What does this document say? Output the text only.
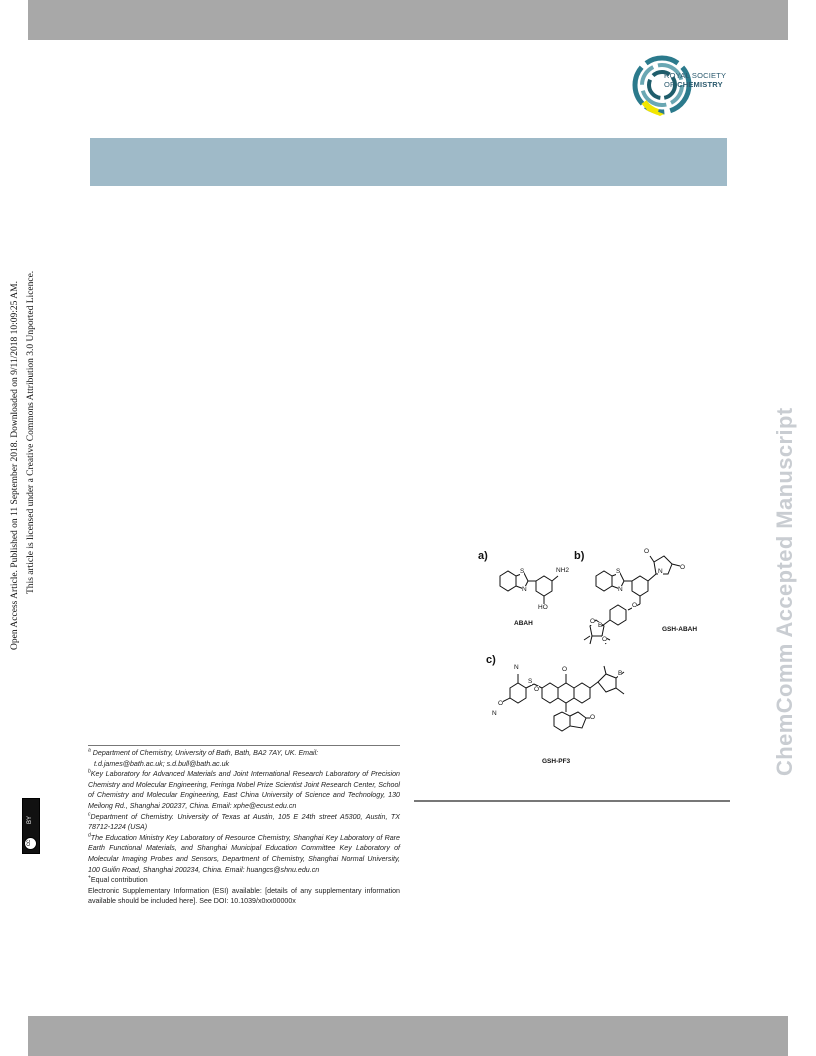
ROYAL SOCIETY
OF CHEMISTRY
Open Access Article. Published on 11 September 2018. Downloaded on 9/11/2018 10:09:25 AM. This article is licensed under a Creative Commons Attribution 3.0 Unported Licence.
BY
cc
ChemComm Accepted Manuscript
a)	b)
c)
ABAH
GSH-ABAH
GSH-PF3
NH2
HO
S
N
S
N
N
O
O
O
B
O
O
N
O
N
S
O
O
B
O

$^a$ Department of Chemistry, University of Bath, Bath, BA2 7AY, UK. Email:

t.d.james@bath.ac.uk; s.d.bull@bath.ac.uk

$^b$Key Laboratory for Advanced Materials and Joint International Research Laboratory of Precision Chemistry and Molecular Engineering, Feringa Nobel Prize Scientist Joint Research Center, School of Chemistry and Molecular Engineering, East China University of Science and Technology, 130 Meilong Rd., Shanghai 200237, China. Email: xphe@ecust.edu.cn

$^c$Department of Chemistry. University of Texas at Austin, 105 E 24th street A5300, Austin, TX 78712-1224 (USA)

$^d$The Education Ministry Key Laboratory of Resource Chemistry, Shanghai Key Laboratory of Rare Earth Functional Materials, and Shanghai Municipal Education Committee Key Laboratory of Molecular Imaging Probes and Sensors, Department of Chemistry, Shanghai Normal University, 100 Guilin Road, Shanghai 200234, China. Email: huangcs@shnu.edu.cn

+Equal contribution

Electronic Supplementary Information (ESI) available: [details of any supplementary information available should be included here]. See DOI: 10.1039/x0xx00000x
